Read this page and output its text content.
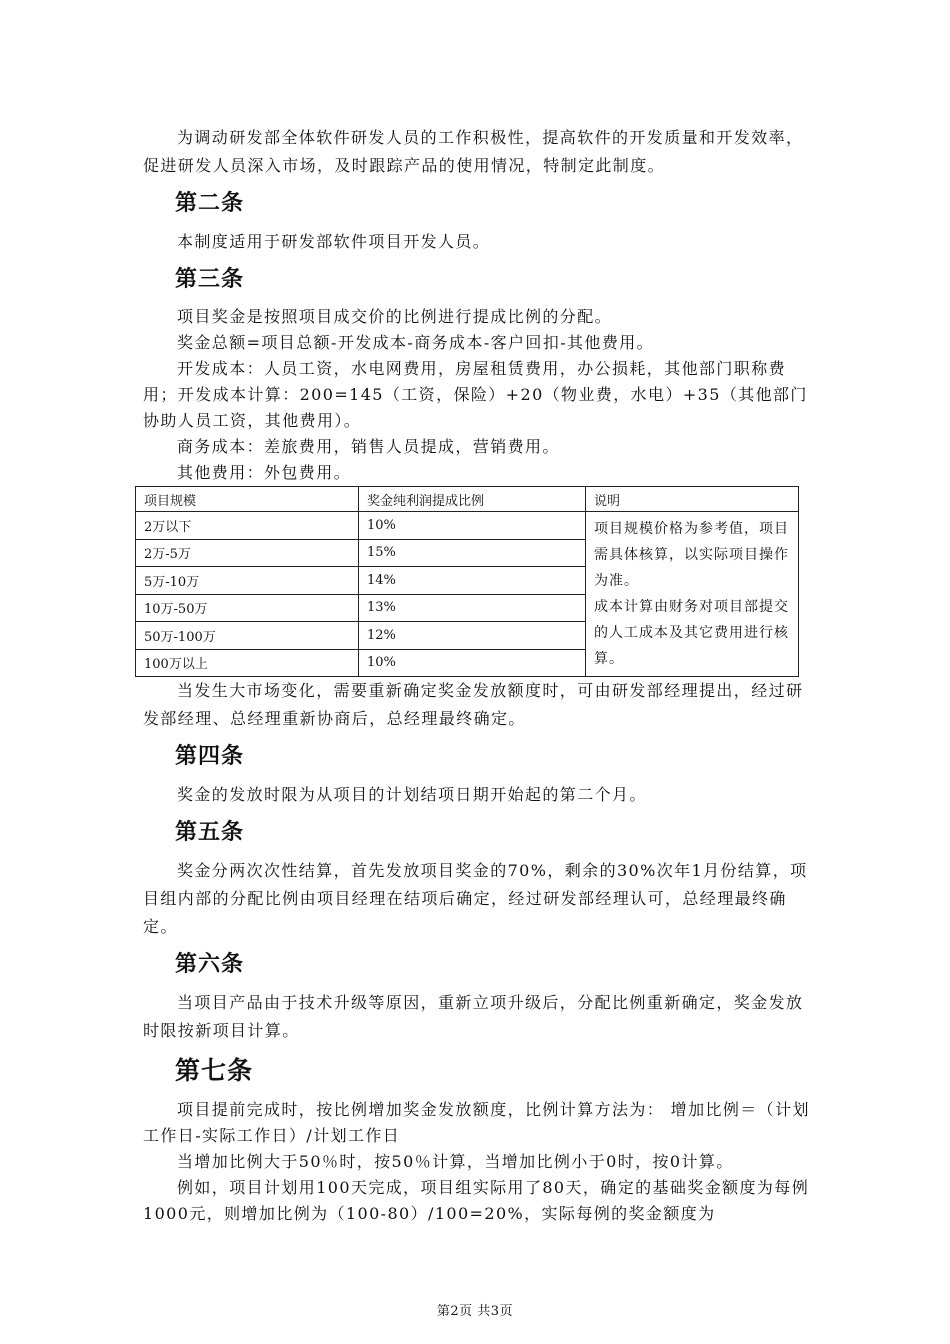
为调动研发部全体软件研发人员的工作积极性，提高软件的开发质量和开发效率，促进研发人员深入市场，及时跟踪产品的使用情况，特制定此制度。

第二条

本制度适用于研发部软件项目开发人员。

第三条

项目奖金是按照项目成交价的比例进行提成比例的分配。

奖金总额=项目总额-开发成本-商务成本-客户回扣-其他费用。

开发成本：人员工资，水电网费用，房屋租赁费用，办公损耗，其他部门职称费用；开发成本计算：200=145（工资，保险）+20（物业费，水电）+35（其他部门协助人员工资，其他费用）。

商务成本：差旅费用，销售人员提成，营销费用。

其他费用：外包费用。

项目规模	奖金纯利润提成比例	说明
2万以下	10%	项目规模价格为参考值，项目需具体核算，以实际项目操作为准。
成本计算由财务对项目部提交的人工成本及其它费用进行核算。

2万-5万	15%	
5万-10万	14%	
10万-50万	13%	
50万-100万	12%	
100万以上	10%	

当发生大市场变化，需要重新确定奖金发放额度时，可由研发部经理提出，经过研发部经理、总经理重新协商后，总经理最终确定。

第四条

奖金的发放时限为从项目的计划结项日期开始起的第二个月。

第五条

奖金分两次次性结算，首先发放项目奖金的70%，剩余的30%次年1月份结算，项目组内部的分配比例由项目经理在结项后确定，经过研发部经理认可，总经理最终确定。

第六条

当项目产品由于技术升级等原因，重新立项升级后，分配比例重新确定，奖金发放时限按新项目计算。

第七条

项目提前完成时，按比例增加奖金发放额度，比例计算方法为： 增加比例＝（计划工作日-实际工作日）/计划工作日

当增加比例大于50％时，按50％计算，当增加比例小于0时，按0计算。

例如，项目计划用100天完成，项目组实际用了80天，确定的基础奖金额度为每例1000元，则增加比例为（100-80）/100=20%，实际每例的奖金额度为

第2页 共3页
